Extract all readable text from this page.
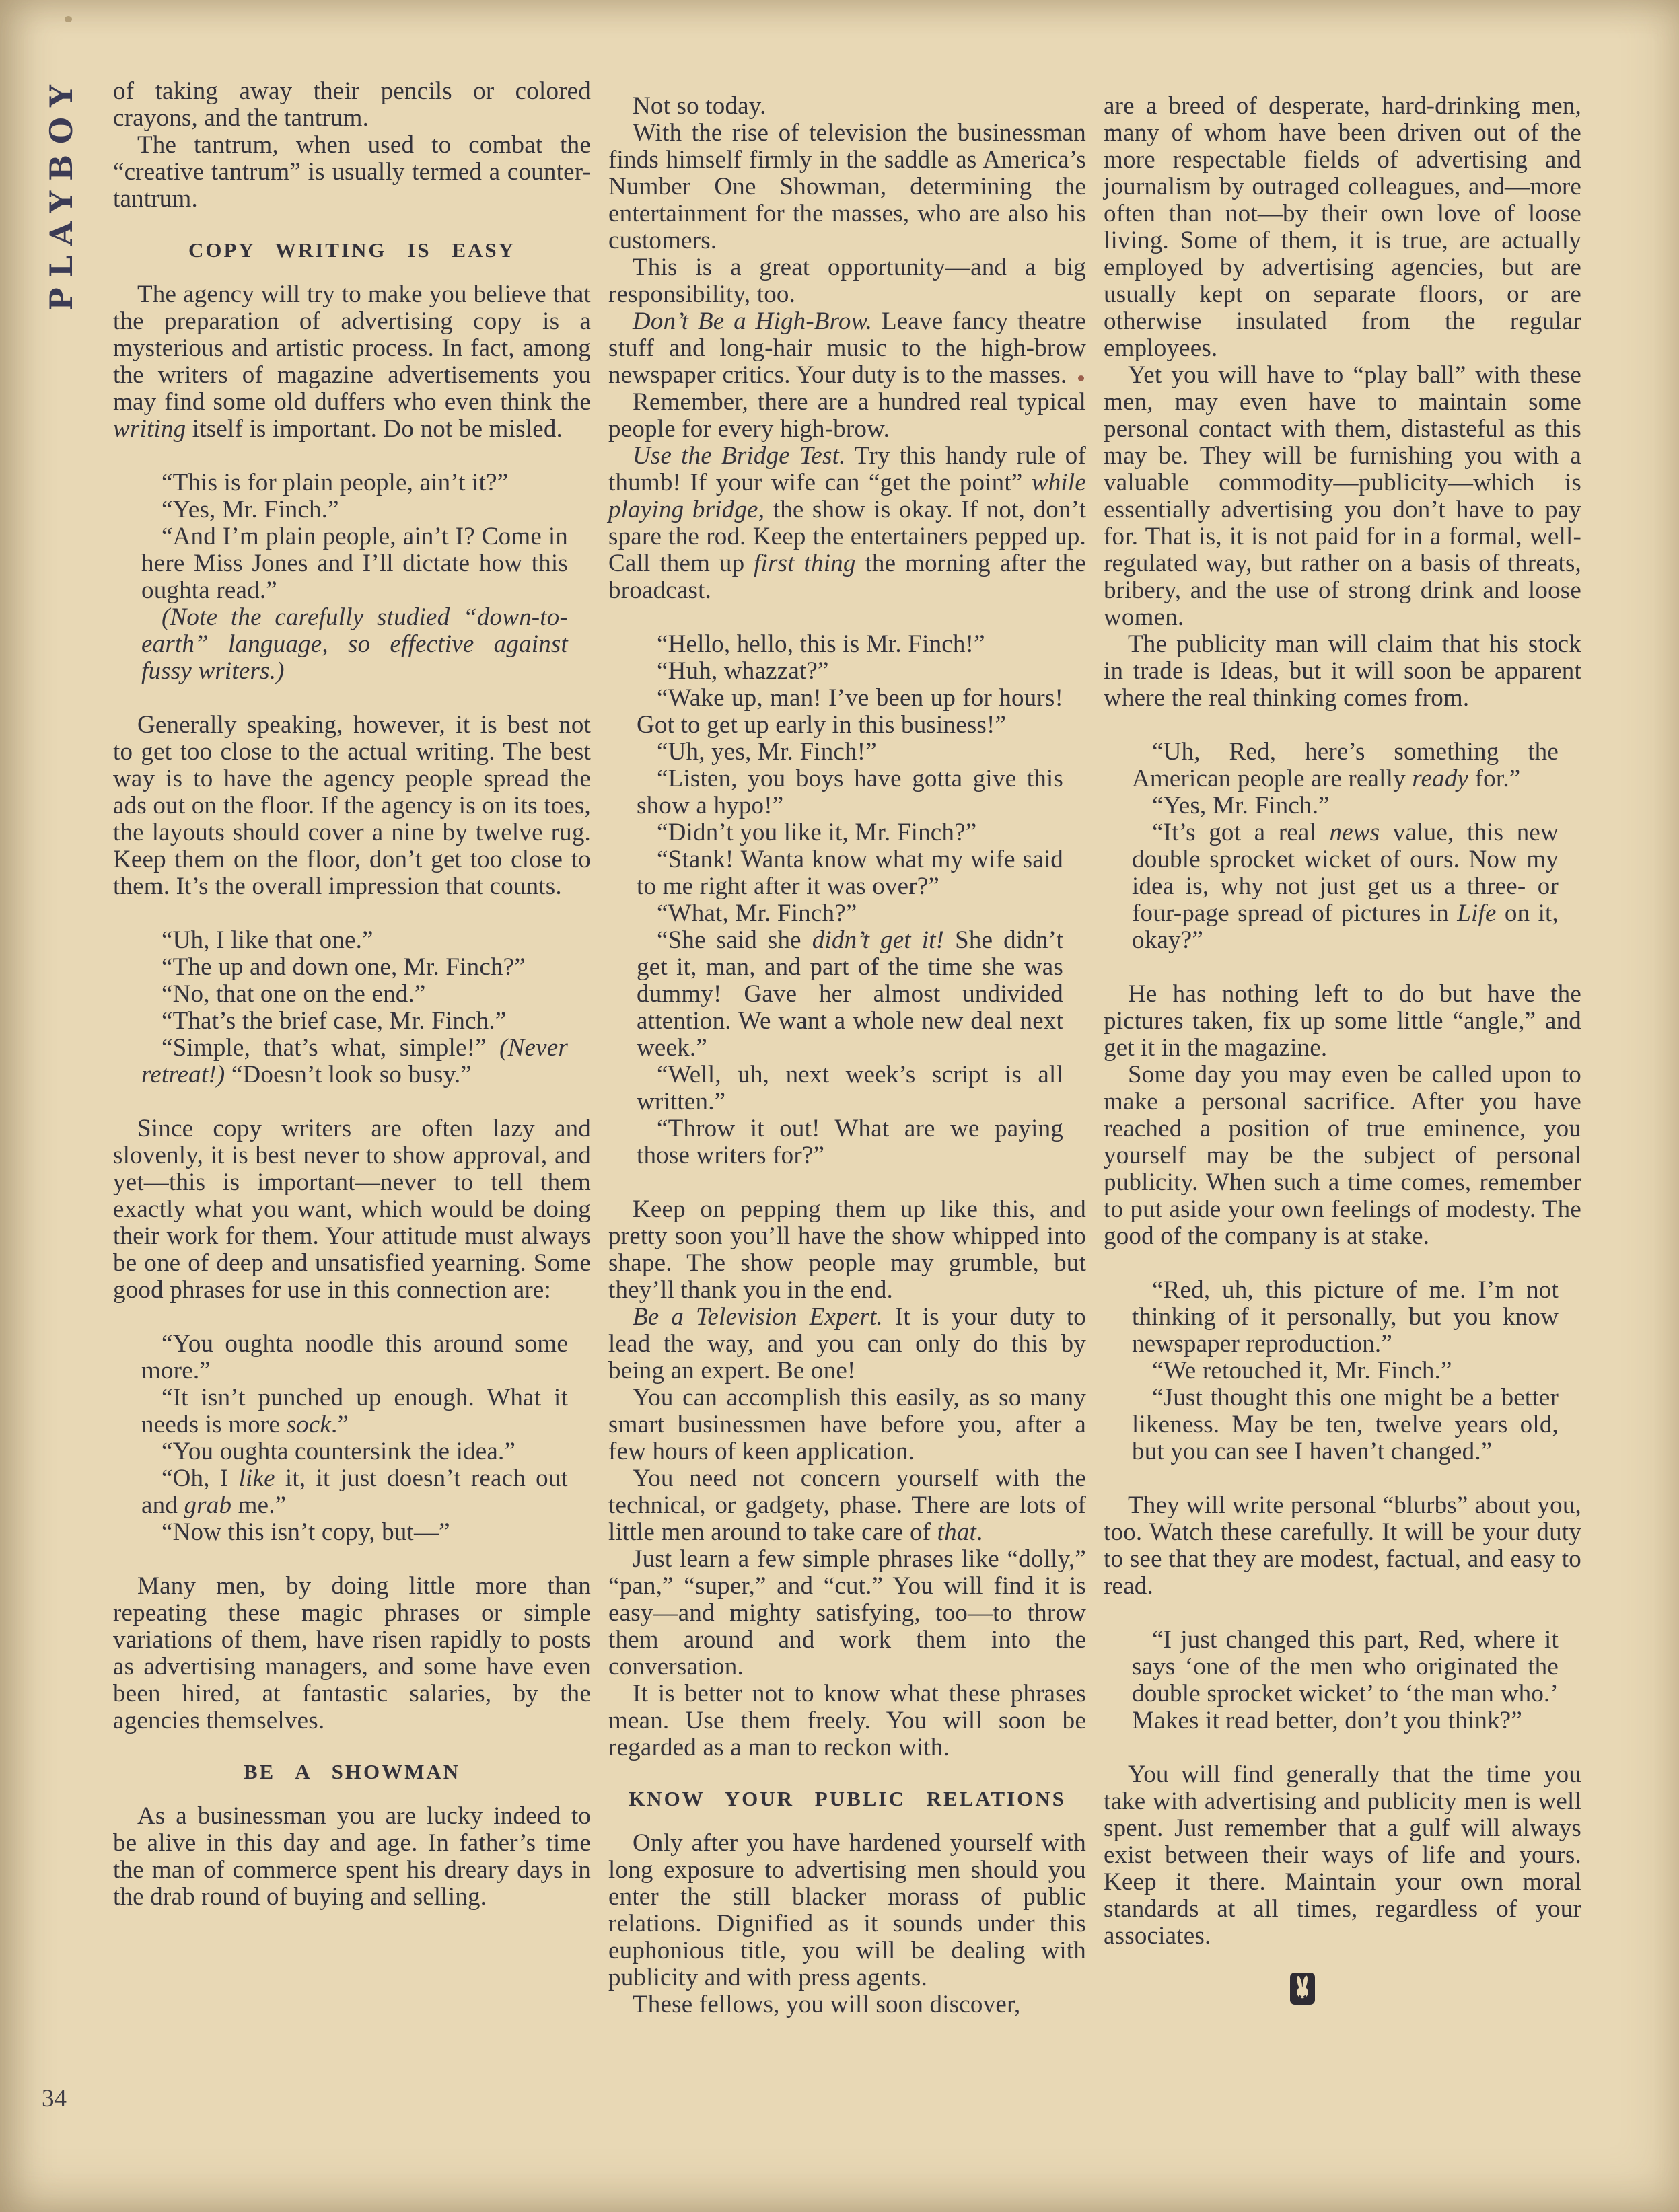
PLAYBOY
34

of taking away their pencils or colored crayons, and the tantrum.

The tantrum, when used to combat the “creative tantrum” is usually termed a counter-tantrum.

COPY WRITING IS EASY

The agency will try to make you believe that the preparation of advertising copy is a mysterious and artistic process. In fact, among the writers of magazine advertisements you may find some old duffers who even think the writing itself is important. Do not be misled.

“This is for plain people, ain’t it?”

“Yes, Mr. Finch.”

“And I’m plain people, ain’t I? Come in here Miss Jones and I’ll dictate how this oughta read.”

(Note the carefully studied “down-to-earth” language, so effective against fussy writers.)

Generally speaking, however, it is best not to get too close to the actual writing. The best way is to have the agency people spread the ads out on the floor. If the agency is on its toes, the layouts should cover a nine by twelve rug. Keep them on the floor, don’t get too close to them. It’s the overall impression that counts.

“Uh, I like that one.”

“The up and down one, Mr. Finch?”

“No, that one on the end.”

“That’s the brief case, Mr. Finch.”

“Simple, that’s what, simple!” (Never retreat!) “Doesn’t look so busy.”

Since copy writers are often lazy and slovenly, it is best never to show approval, and yet—this is important—never to tell them exactly what you want, which would be doing their work for them. Your attitude must always be one of deep and unsatisfied yearning. Some good phrases for use in this connection are:

“You oughta noodle this around some more.”

“It isn’t punched up enough. What it needs is more sock.”

“You oughta countersink the idea.”

“Oh, I like it, it just doesn’t reach out and grab me.”

“Now this isn’t copy, but—”

Many men, by doing little more than repeating these magic phrases or simple variations of them, have risen rapidly to posts as advertising managers, and some have even been hired, at fantastic salaries, by the agencies themselves.

BE A SHOWMAN

As a businessman you are lucky indeed to be alive in this day and age. In father’s time the man of commerce spent his dreary days in the drab round of buying and selling.

Not so today.

With the rise of television the businessman finds himself firmly in the saddle as America’s Number One Showman, determining the entertainment for the masses, who are also his customers.

This is a great opportunity—and a big responsibility, too.

Don’t Be a High-Brow. Leave fancy theatre stuff and long-hair music to the high-brow newspaper critics. Your duty is to the masses.

Remember, there are a hundred real typical people for every high-brow.

Use the Bridge Test. Try this handy rule of thumb! If your wife can “get the point” while playing bridge, the show is okay. If not, don’t spare the rod. Keep the entertainers pepped up. Call them up first thing the morning after the broadcast.

“Hello, hello, this is Mr. Finch!”

“Huh, whazzat?”

“Wake up, man! I’ve been up for hours! Got to get up early in this business!”

“Uh, yes, Mr. Finch!”

“Listen, you boys have gotta give this show a hypo!”

“Didn’t you like it, Mr. Finch?”

“Stank! Wanta know what my wife said to me right after it was over?”

“What, Mr. Finch?”

“She said she didn’t get it! She didn’t get it, man, and part of the time she was dummy! Gave her almost undivided attention. We want a whole new deal next week.”

“Well, uh, next week’s script is all written.”

“Throw it out! What are we paying those writers for?”

Keep on pepping them up like this, and pretty soon you’ll have the show whipped into shape. The show people may grumble, but they’ll thank you in the end.

Be a Television Expert. It is your duty to lead the way, and you can only do this by being an expert. Be one!

You can accomplish this easily, as so many smart businessmen have before you, after a few hours of keen application.

You need not concern yourself with the technical, or gadgety, phase. There are lots of little men around to take care of that.

Just learn a few simple phrases like “dolly,” “pan,” “super,” and “cut.” You will find it is easy—and mighty satisfying, too—to throw them around and work them into the conversation.

It is better not to know what these phrases mean. Use them freely. You will soon be regarded as a man to reckon with.

KNOW YOUR PUBLIC RELATIONS

Only after you have hardened yourself with long exposure to advertising men should you enter the still blacker morass of public relations. Dignified as it sounds under this euphonious title, you will be dealing with publicity and with press agents.

These fellows, you will soon discover,

are a breed of desperate, hard-drinking men, many of whom have been driven out of the more respectable fields of advertising and journalism by outraged colleagues, and—more often than not—by their own love of loose living. Some of them, it is true, are actually employed by advertising agencies, but are usually kept on separate floors, or are otherwise insulated from the regular employees.

Yet you will have to “play ball” with these men, may even have to maintain some personal contact with them, distasteful as this may be. They will be furnishing you with a valuable commodity—publicity—which is essentially advertising you don’t have to pay for. That is, it is not paid for in a formal, well-regulated way, but rather on a basis of threats, bribery, and the use of strong drink and loose women.

The publicity man will claim that his stock in trade is Ideas, but it will soon be apparent where the real thinking comes from.

“Uh, Red, here’s something the American people are really ready for.”

“Yes, Mr. Finch.”

“It’s got a real news value, this new double sprocket wicket of ours. Now my idea is, why not just get us a three- or four-page spread of pictures in Life on it, okay?”

He has nothing left to do but have the pictures taken, fix up some little “angle,” and get it in the magazine.

Some day you may even be called upon to make a personal sacrifice. After you have reached a position of true eminence, you yourself may be the subject of personal publicity. When such a time comes, remember to put aside your own feelings of modesty. The good of the company is at stake.

“Red, uh, this picture of me. I’m not thinking of it personally, but you know newspaper reproduction.”

“We retouched it, Mr. Finch.”

“Just thought this one might be a better likeness. May be ten, twelve years old, but you can see I haven’t changed.”

They will write personal “blurbs” about you, too. Watch these carefully. It will be your duty to see that they are modest, factual, and easy to read.

“I just changed this part, Red, where it says ‘one of the men who originated the double sprocket wicket’ to ‘the man who.’ Makes it read better, don’t you think?”

You will find generally that the time you take with advertising and publicity men is well spent. Just remember that a gulf will always exist between their ways of life and yours. Keep it there. Maintain your own moral standards at all times, regardless of your associates.
